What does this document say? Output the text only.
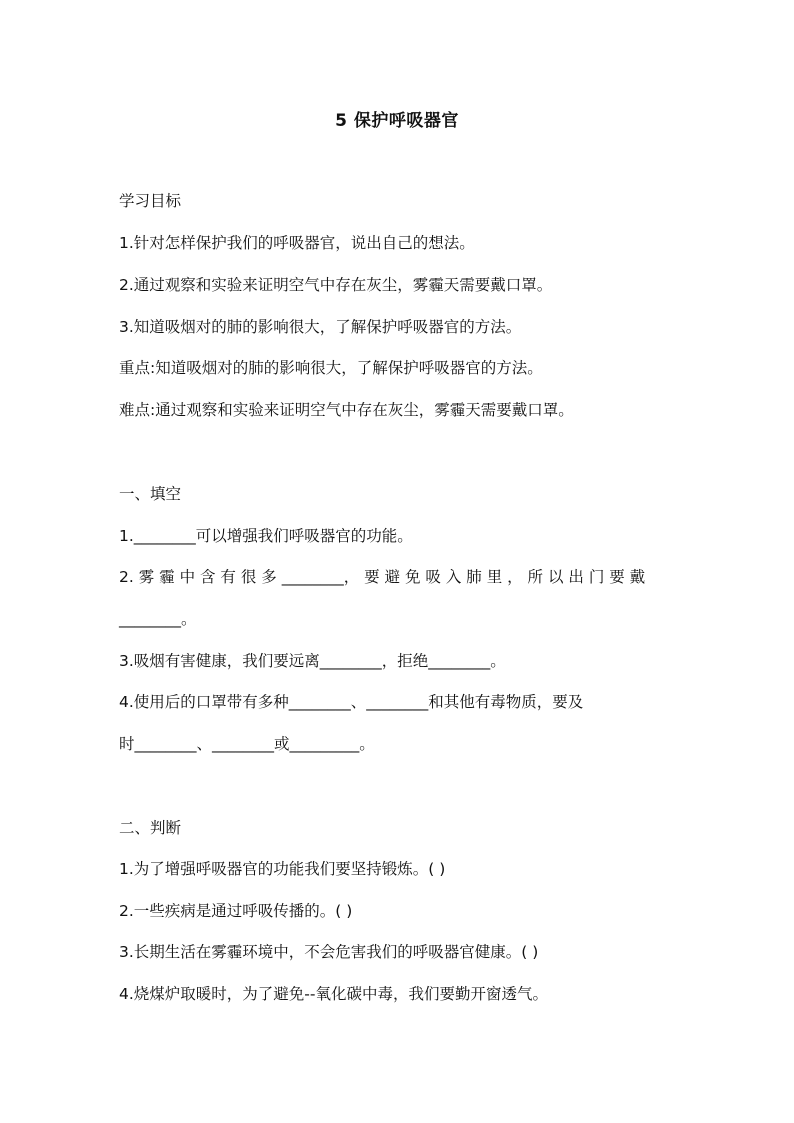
5 保护呼吸器官
学习目标
1.针对怎样保护我们的呼吸器官，说出自己的想法。
2.通过观察和实验来证明空气中存在灰尘，雾霾天需要戴口罩。
3.知道吸烟对的肺的影响很大，了解保护呼吸器官的方法。
重点:知道吸烟对的肺的影响很大，了解保护呼吸器官的方法。
难点:通过观察和实验来证明空气中存在灰尘，雾霾天需要戴口罩。
一、填空
1.________可以增强我们呼吸器官的功能。
2. 雾 霾 中 含 有 很 多 ________， 要 避 免 吸 入 肺 里 ， 所 以 出 门 要 戴
________。
3.吸烟有害健康，我们要远离________，拒绝________。
4.使用后的口罩带有多种________、________和其他有毒物质，要及
时________、________或_________。
二、判断
1.为了增强呼吸器官的功能我们要坚持锻炼。( )
2.一些疾病是通过呼吸传播的。( )
3.长期生活在雾霾环境中，不会危害我们的呼吸器官健康。( )
4.烧煤炉取暖时，为了避免--氧化碳中毒，我们要勤开窗透气。
